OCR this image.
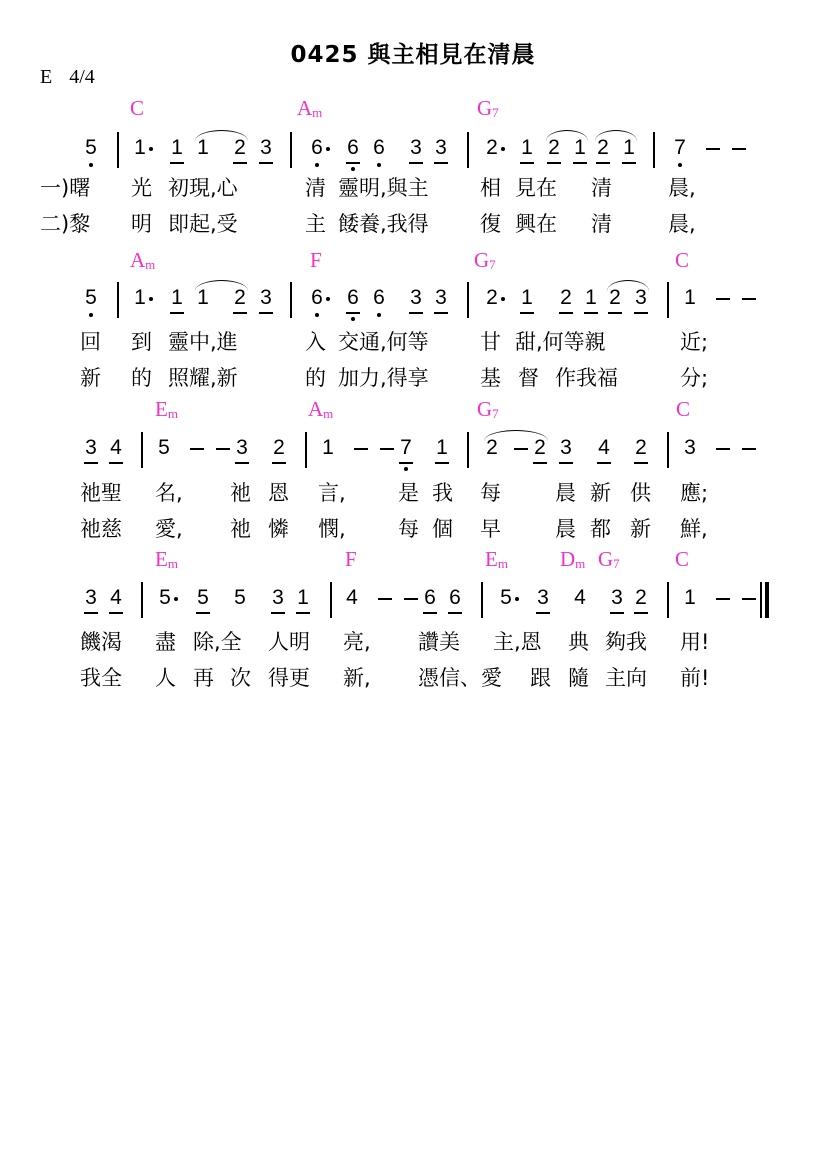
0425 與主相見在清晨
E 4/4
C	$A_m$	$G_7$
5 1 1 1 2 3 6 6 6 3 3 2 1 2 1 2 1 7
一)曙 光 初現,心	清 靈明,與主 相 見在 清	晨,
二)黎 明 即起,受	主 餧養,我得 復 興在 清	晨,
$A_m$	F	$G_7$	C
5 1 1 1 2 3 6 6 6 3 3 2 1 2 1 2 3 1
回 到 靈中,進	入 交通,何等 甘 甜,何等親	近;
新 的 照耀,新	的 加力,得享 基 督 作我福	分;
$E_m$	$A_m$	$G_7$	C
3 4 5	3 2 1	7 1 2 2 3 4 2 3
祂聖 名, 祂 恩 言, 是 我 每	晨 新 供 應;
祂慈 愛, 祂 憐 憫, 每 個 早	晨 都 新 鮮,
$E_m$	F	$E_m$ $D_m$ $G_7$	C
3 4 5 5 5 3 1 4	6 6 5 3 4 3 2 1
饑渴 盡 除,全 人明 亮, 讚美 主,恩 典 夠我 用!
我全 人 再 次 得更 新, 憑信、愛 跟 隨 主向 前!
